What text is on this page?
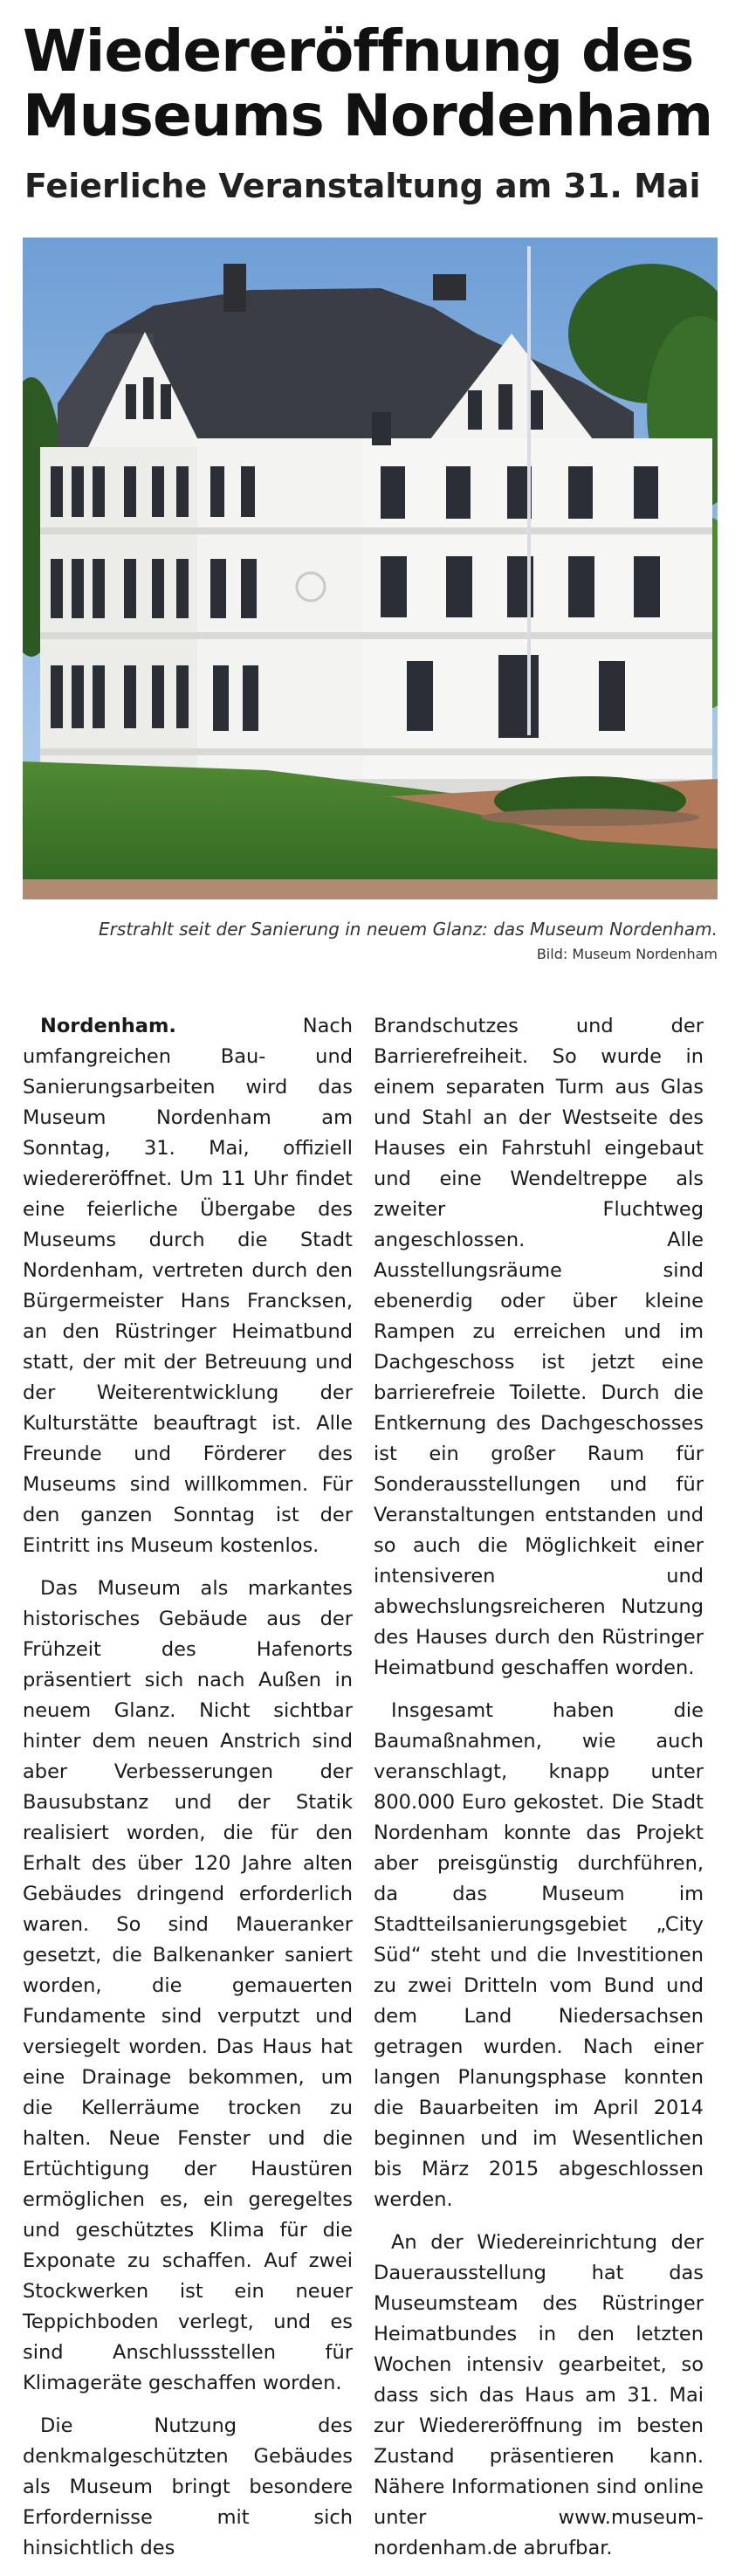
Wiedereröffnung des
Museums Nordenham
Feierliche Veranstaltung am 31. Mai

Erstrahlt seit der Sanierung in neuem Glanz: das Museum Nordenham.

Bild: Museum Nordenham

Nordenham.	Nach umfangreichen Bau- und Sanierungsarbeiten wird das Museum Nordenham am Sonntag, 31. Mai, offiziell wiedereröffnet. Um 11 Uhr findet eine feierliche Übergabe des Museums durch die Stadt Nordenham, vertreten durch den Bürgermeister Hans Francksen, an den Rüstringer Heimatbund statt, der mit der Betreuung und der Weiterentwicklung der Kulturstätte beauftragt ist. Alle Freunde und Förderer des Museums sind willkommen. Für den ganzen Sonntag ist der Eintritt ins Museum kostenlos.

Das Museum als markantes historisches Gebäude aus der Frühzeit des Hafenorts präsentiert sich nach Außen in neuem Glanz. Nicht sichtbar hinter dem neuen Anstrich sind aber Verbesserungen der Bausubstanz und der Statik realisiert worden, die für den Erhalt des über 120 Jahre alten Gebäudes dringend erforderlich waren. So sind Maueranker gesetzt, die Balkenanker saniert worden, die gemauerten Fundamente sind verputzt und versiegelt worden. Das Haus hat eine Drainage bekommen, um die Kellerräume trocken zu halten. Neue Fenster und die Ertüchtigung der Haustüren ermöglichen es, ein geregeltes und geschütztes Klima für die Exponate zu schaffen. Auf zwei Stockwerken ist ein neuer Teppichboden verlegt, und es sind Anschlussstellen für Klimageräte geschaffen worden.

Die Nutzung des denkmalgeschützten Gebäudes als Museum bringt besondere Erfordernisse mit sich hinsichtlich des

Brandschutzes und der Barrierefreiheit. So wurde in einem separaten Turm aus Glas und Stahl an der Westseite des Hauses ein Fahrstuhl eingebaut und eine Wendeltreppe als zweiter Fluchtweg angeschlossen. Alle Ausstellungsräume sind ebenerdig oder über kleine Rampen zu erreichen und im Dachgeschoss ist jetzt eine barrierefreie Toilette. Durch die Entkernung des Dachgeschosses ist ein großer Raum für Sonderausstellungen und für Veranstaltungen entstanden und so auch die Möglichkeit einer intensiveren und abwechslungsreicheren Nutzung des Hauses durch den Rüstringer Heimatbund geschaffen worden.

Insgesamt haben die Baumaßnahmen, wie auch veranschlagt, knapp unter 800.000 Euro gekostet. Die Stadt Nordenham konnte das Projekt aber preisgünstig durchführen, da das Museum im Stadtteilsanierungsgebiet „City Süd“ steht und die Investitionen zu zwei Dritteln vom Bund und dem Land Niedersachsen getragen wurden. Nach einer langen Planungsphase konnten die Bauarbeiten im April 2014 beginnen und im Wesentlichen bis März 2015 abgeschlossen werden.

An der Wiedereinrichtung der Dauerausstellung hat das Museumsteam des Rüstringer Heimatbundes in den letzten Wochen intensiv gearbeitet, so dass sich das Haus am 31. Mai zur Wiedereröffnung im besten Zustand präsentieren kann. Nähere Informationen sind online unter www.museum-nordenham.de abrufbar.
